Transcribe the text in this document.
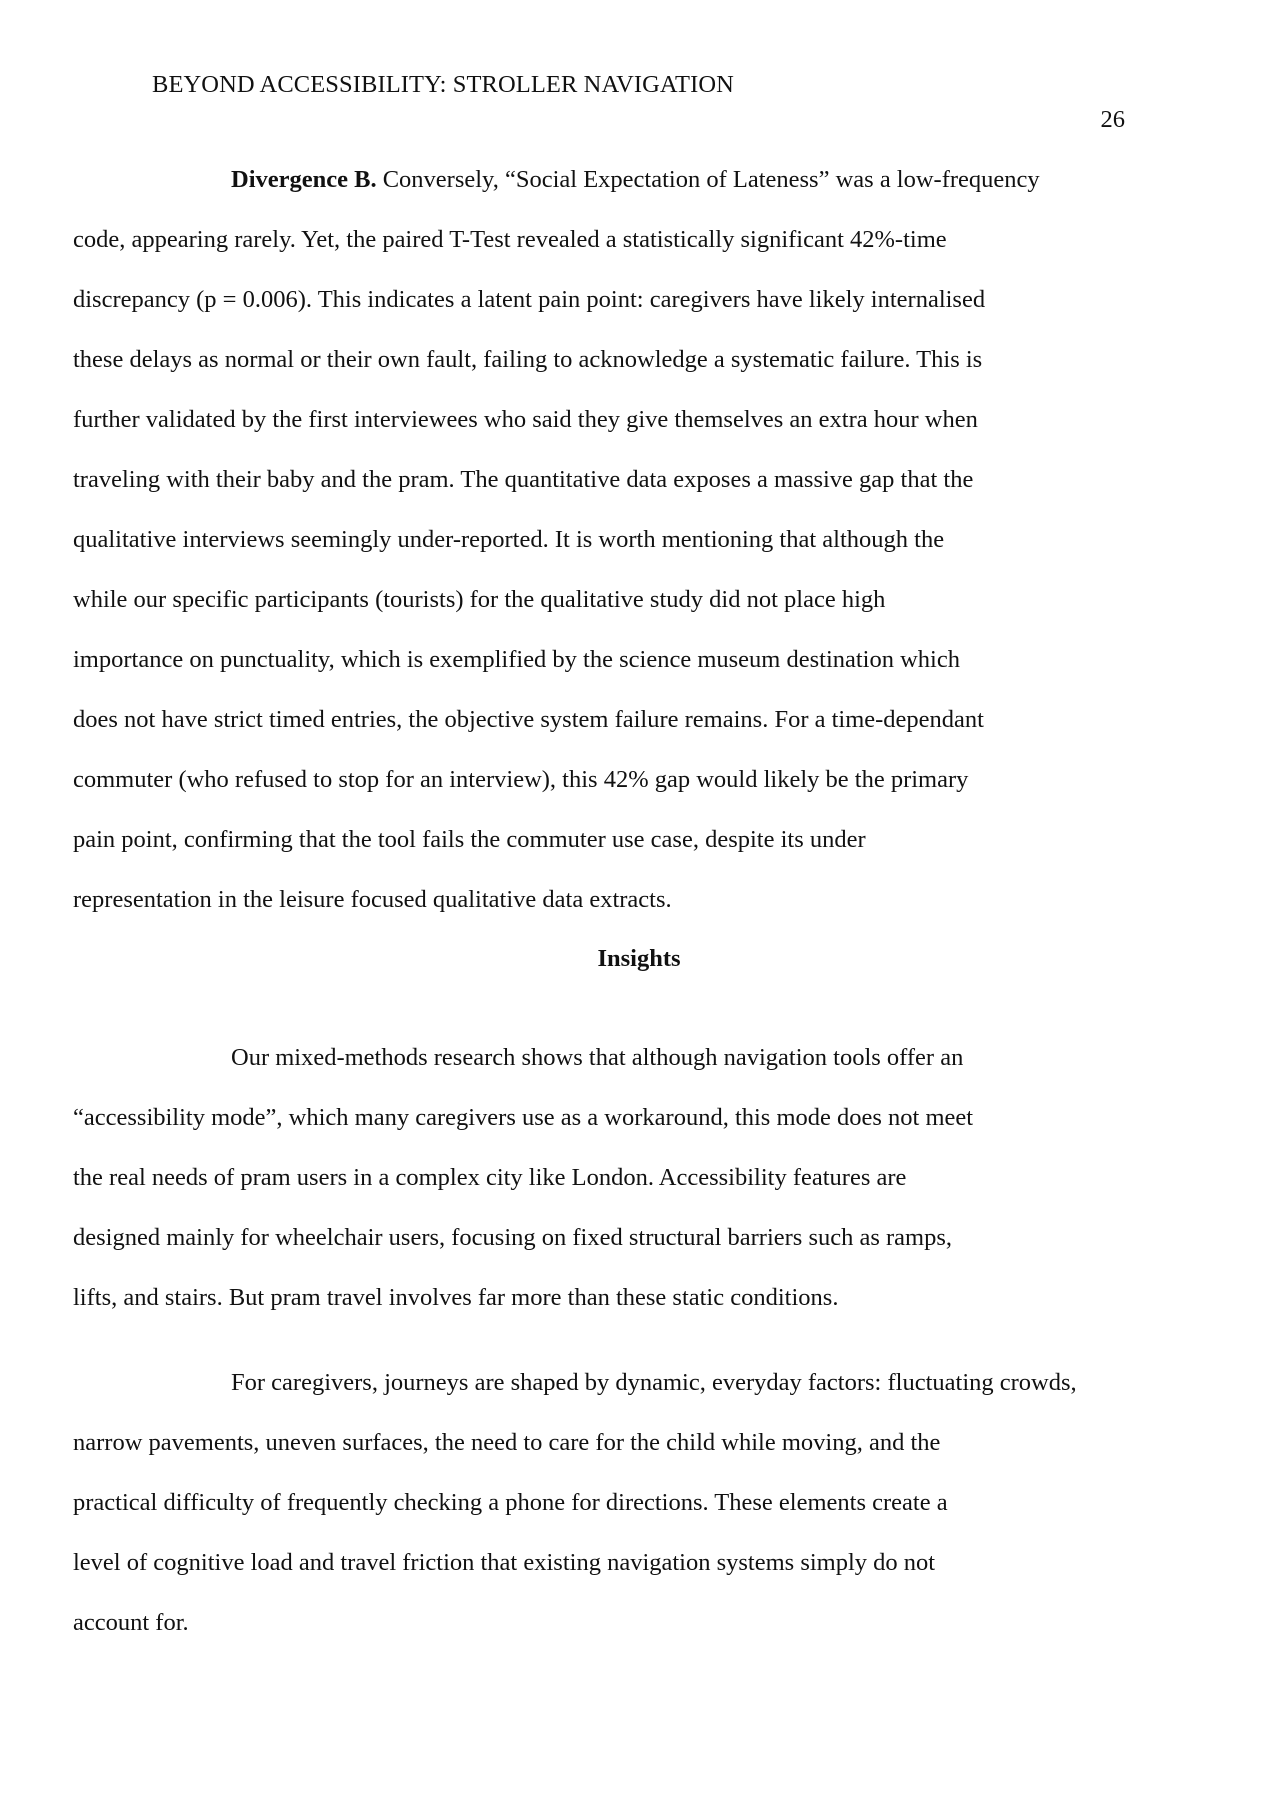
BEYOND ACCESSIBILITY: STROLLER NAVIGATION
26
Divergence B. Conversely, “Social Expectation of Lateness” was a low-frequency
code, appearing rarely. Yet, the paired T-Test revealed a statistically significant 42%-time
discrepancy (p = 0.006). This indicates a latent pain point: caregivers have likely internalised
these delays as normal or their own fault, failing to acknowledge a systematic failure. This is
further validated by the first interviewees who said they give themselves an extra hour when
traveling with their baby and the pram. The quantitative data exposes a massive gap that the
qualitative interviews seemingly under-reported. It is worth mentioning that although the
while our specific participants (tourists) for the qualitative study did not place high
importance on punctuality, which is exemplified by the science museum destination which
does not have strict timed entries, the objective system failure remains. For a time-dependant
commuter (who refused to stop for an interview), this 42% gap would likely be the primary
pain point, confirming that the tool fails the commuter use case, despite its under
representation in the leisure focused qualitative data extracts.
Insights
Our mixed-methods research shows that although navigation tools offer an
“accessibility mode”, which many caregivers use as a workaround, this mode does not meet
the real needs of pram users in a complex city like London. Accessibility features are
designed mainly for wheelchair users, focusing on fixed structural barriers such as ramps,
lifts, and stairs. But pram travel involves far more than these static conditions.
For caregivers, journeys are shaped by dynamic, everyday factors: fluctuating crowds,
narrow pavements, uneven surfaces, the need to care for the child while moving, and the
practical difficulty of frequently checking a phone for directions. These elements create a
level of cognitive load and travel friction that existing navigation systems simply do not
account for.
